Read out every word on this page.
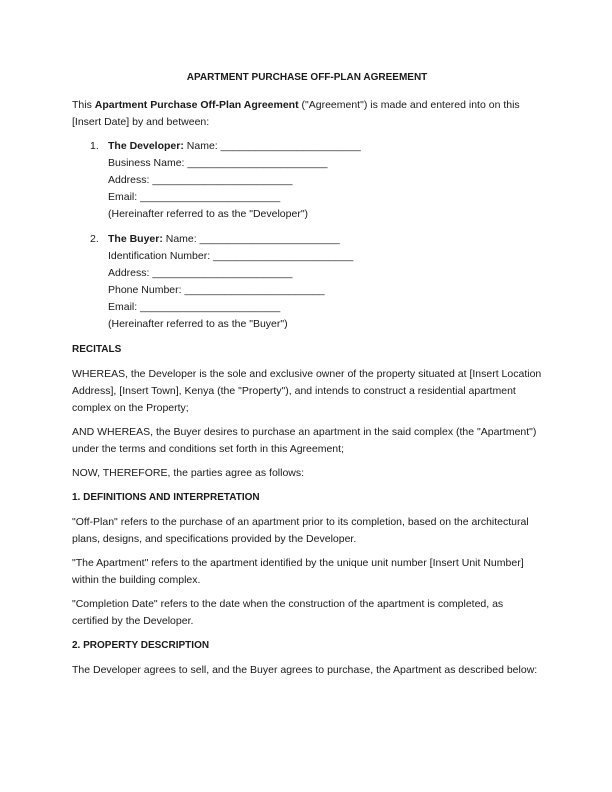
APARTMENT PURCHASE OFF-PLAN AGREEMENT

This Apartment Purchase Off-Plan Agreement ("Agreement") is made and entered into on this [Insert Date] by and between:

1. The Developer: Name: ________________________
Business Name: ________________________
Address: ________________________
Email: ________________________
(Hereinafter referred to as the "Developer")
2. The Buyer: Name: ________________________
Identification Number: ________________________
Address: ________________________
Phone Number: ________________________
Email: ________________________
(Hereinafter referred to as the "Buyer")
RECITALS

WHEREAS, the Developer is the sole and exclusive owner of the property situated at [Insert Location Address], [Insert Town], Kenya (the "Property"), and intends to construct a residential apartment complex on the Property;

AND WHEREAS, the Buyer desires to purchase an apartment in the said complex (the "Apartment") under the terms and conditions set forth in this Agreement;

NOW, THEREFORE, the parties agree as follows:

1. DEFINITIONS AND INTERPRETATION

"Off-Plan" refers to the purchase of an apartment prior to its completion, based on the architectural plans, designs, and specifications provided by the Developer.

"The Apartment" refers to the apartment identified by the unique unit number [Insert Unit Number] within the building complex.

"Completion Date" refers to the date when the construction of the apartment is completed, as certified by the Developer.

2. PROPERTY DESCRIPTION

The Developer agrees to sell, and the Buyer agrees to purchase, the Apartment as described below:
